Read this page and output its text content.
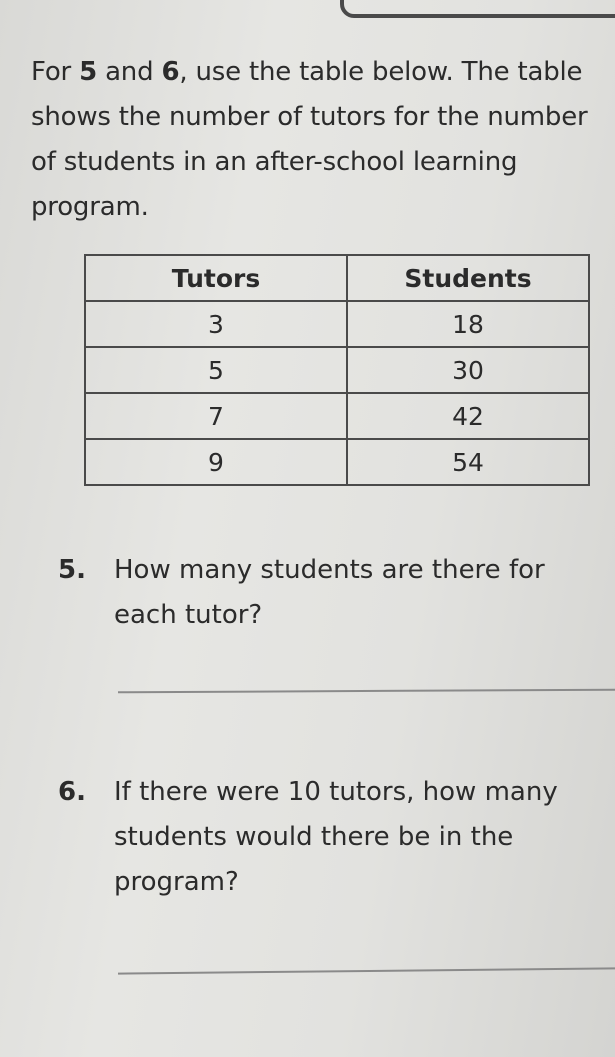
For 5 and 6, use the table below. The table shows the number of tutors for the number of students in an after-school learning program.

Tutors	Students
3	18
5	30
7	42
9	54
5. How many students are there for each tutor?
6. If there were 10 tutors, how many students would there be in the program?
